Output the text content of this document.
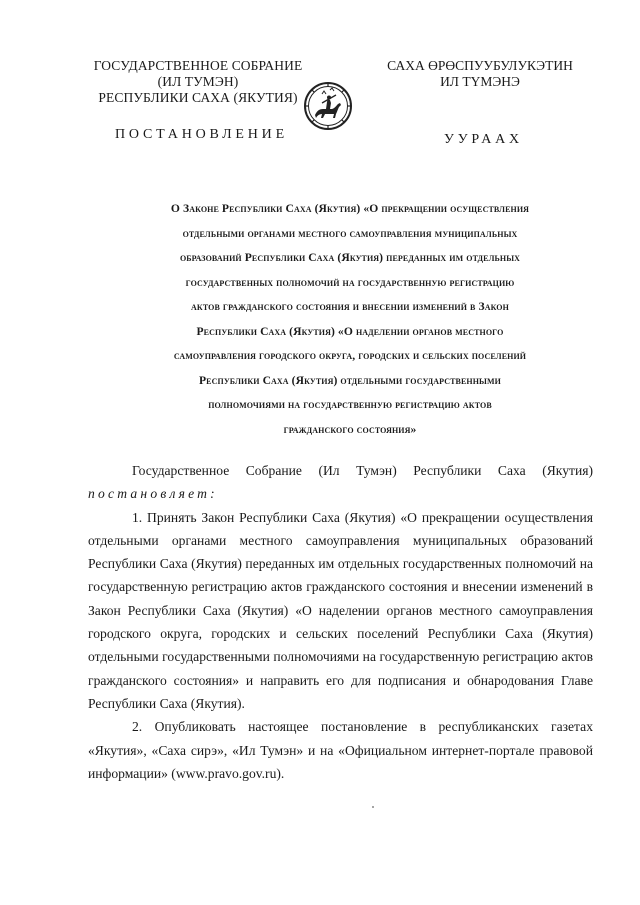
ГОСУДАРСТВЕННОЕ СОБРАНИЕ
(ИЛ ТУМЭН)
РЕСПУБЛИКИ САХА (ЯКУТИЯ)
САХА ӨРӨСПУУБУЛУКЭТИН
ИЛ ТҮМЭНЭ
ПОСТАНОВЛЕНИЕ	УУРААХ
О Законе Республики Саха (Якутия) «О прекращении осуществления
отдельными органами местного самоуправления муниципальных
образований Республики Саха (Якутия) переданных им отдельных
государственных полномочий на государственную регистрацию
актов гражданского состояния и внесении изменений в Закон
Республики Саха (Якутия) «О наделении органов местного
самоуправления городского округа, городских и сельских поселений
Республики Саха (Якутия) отдельными государственными
полномочиями на государственную регистрацию актов
гражданского состояния»

Государственное Собрание (Ил Тумэн) Республики Саха (Якутия)

постановляет:

1. Принять Закон Республики Саха (Якутия) «О прекращении осуществления отдельными органами местного самоуправления муниципальных образований Республики Саха (Якутия) переданных им отдельных государственных полномочий на государственную регистрацию актов гражданского состояния и внесении изменений в Закон Республики Саха (Якутия) «О наделении органов местного самоуправления городского округа, городских и сельских поселений Республики Саха (Якутия) отдельными государственными полномочиями на государственную регистрацию актов гражданского состояния» и направить его для подписания и обнародования Главе Республики Саха (Якутия).

2. Опубликовать настоящее постановление в республиканских газетах «Якутия», «Саха сирэ», «Ил Тумэн» и на «Официальном интернет-портале правовой информации» (www.pravo.gov.ru).
